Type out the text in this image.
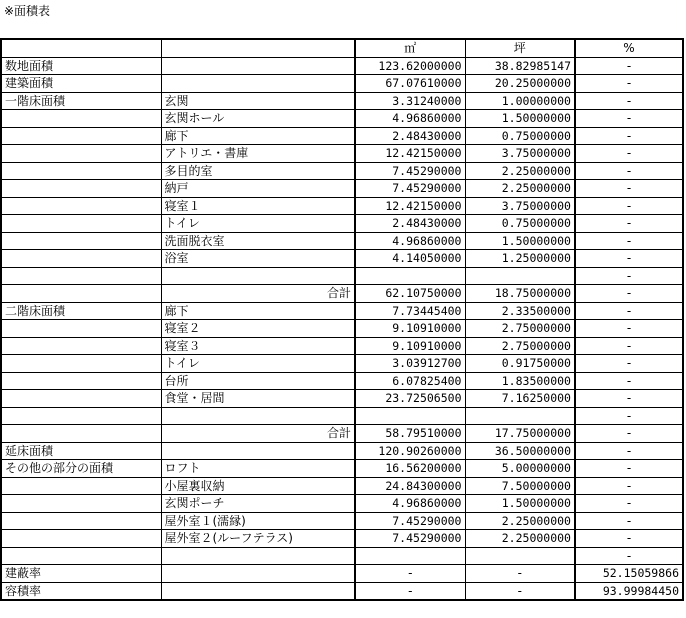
※面積表
		㎡	坪	%
数地面積		123.62000000	38.82985147	-
建築面積		67.07610000	20.25000000	-
一階床面積	玄関	3.31240000	1.00000000	-
	玄関ホール	4.96860000	1.50000000	-
	廊下	2.48430000	0.75000000	-
	アトリエ・書庫	12.42150000	3.75000000	-
	多目的室	7.45290000	2.25000000	-
	納戸	7.45290000	2.25000000	-
	寝室１	12.42150000	3.75000000	-
	トイレ	2.48430000	0.75000000	-
	洗面脱衣室	4.96860000	1.50000000	-
	浴室	4.14050000	1.25000000	-
				-
	合計	62.10750000	18.75000000	-
二階床面積	廊下	7.73445400	2.33500000	-
	寝室２	9.10910000	2.75000000	-
	寝室３	9.10910000	2.75000000	-
	トイレ	3.03912700	0.91750000	-
	台所	6.07825400	1.83500000	-
	食堂・居間	23.72506500	7.16250000	-
				-
	合計	58.79510000	17.75000000	-
延床面積		120.90260000	36.50000000	-
その他の部分の面積	ロフト	16.56200000	5.00000000	-
	小屋裏収納	24.84300000	7.50000000	-
	玄関ポーチ	4.96860000	1.50000000	-
	屋外室１(濡縁)	7.45290000	2.25000000	-
	屋外室２(ルーフテラス)	7.45290000	2.25000000	-
				-
建蔽率		-	-	52.15059866
容積率		-	-	93.99984450
